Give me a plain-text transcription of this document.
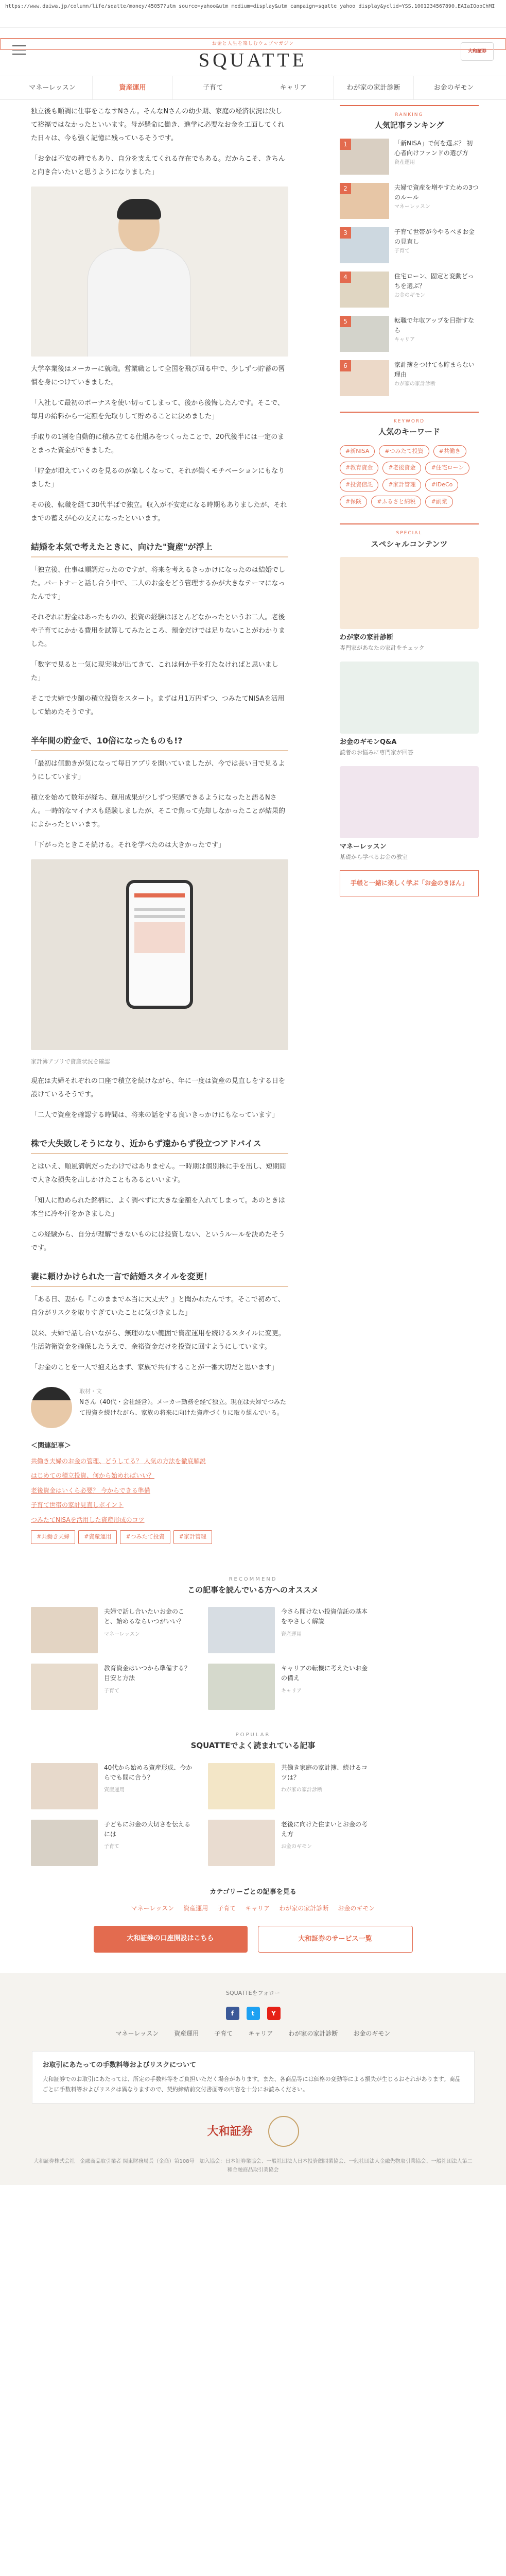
https://www.daiwa.jp/column/life/sqatte/money/45057?utm_source=yahoo&utm_medium=display&utm_campaign=sqatte_yahoo_display&yclid=YSS.1001234567890.EAIaIQobChMI
お金と人生を楽しむウェブマガジン
SQUATTE	大和証券
マネーレッスン	資産運用	子育て	キャリア	わが家の家計診断	お金のギモン

独立後も順調に仕事をこなすNさん。そんなNさんの幼少期、家庭の経済状況は決して裕福ではなかったといいます。母が懸命に働き、進学に必要なお金を工面してくれた日々は、今も強く記憶に残っているそうです。

「お金は不安の種でもあり、自分を支えてくれる存在でもある。だからこそ、きちんと向き合いたいと思うようになりました」

大学卒業後はメーカーに就職。営業職として全国を飛び回る中で、少しずつ貯蓄の習慣を身につけていきました。

「入社して最初のボーナスを使い切ってしまって、後から後悔したんです。そこで、毎月の給料から一定額を先取りして貯めることに決めました」

手取りの1割を自動的に積み立てる仕組みをつくったことで、20代後半には一定のまとまった資金ができました。

「貯金が増えていくのを見るのが楽しくなって、それが働くモチベーションにもなりました」

その後、転職を経て30代半ばで独立。収入が不安定になる時期もありましたが、それまでの蓄えが心の支えになったといいます。

結婚を本気で考えたときに、向けた"資産"が浮上

「独立後、仕事は順調だったのですが、将来を考えるきっかけになったのは結婚でした。パートナーと話し合う中で、二人のお金をどう管理するかが大きなテーマになったんです」

それぞれに貯金はあったものの、投資の経験はほとんどなかったというお二人。老後や子育てにかかる費用を試算してみたところ、預金だけでは足りないことがわかりました。

「数字で見ると一気に現実味が出てきて、これは何か手を打たなければと思いました」

そこで夫婦で少額の積立投資をスタート。まずは月1万円ずつ、つみたてNISAを活用して始めたそうです。

半年間の貯金で、10倍になったものも!?

「最初は値動きが気になって毎日アプリを開いていましたが、今では長い目で見るようにしています」

積立を始めて数年が経ち、運用成果が少しずつ実感できるようになったと語るNさん。一時的なマイナスも経験しましたが、そこで焦って売却しなかったことが結果的によかったといいます。

「下がったときこそ続ける。それを学べたのは大きかったです」

家計簿アプリで資産状況を確認

現在は夫婦それぞれの口座で積立を続けながら、年に一度は資産の見直しをする日を設けているそうです。

「二人で資産を確認する時間は、将来の話をする良いきっかけにもなっています」

株で大失敗しそうになり、近からず遠からず役立つアドバイス

とはいえ、順風満帆だったわけではありません。一時期は個別株に手を出し、短期間で大きな損失を出しかけたこともあるといいます。

「知人に勧められた銘柄に、よく調べずに大きな金額を入れてしまって。あのときは本当に冷や汗をかきました」

この経験から、自分が理解できないものには投資しない、というルールを決めたそうです。

妻に頼けかけられた一言で結婚スタイルを変更！

「ある日、妻から『このままで本当に大丈夫？』と聞かれたんです。そこで初めて、自分がリスクを取りすぎていたことに気づきました」

以来、夫婦で話し合いながら、無理のない範囲で資産運用を続けるスタイルに変更。生活防衛資金を確保したうえで、余裕資金だけを投資に回すようにしています。

「お金のことを一人で抱え込まず、家族で共有することが一番大切だと思います」

取材・文
Nさん（40代・会社経営）。メーカー勤務を経て独立。現在は夫婦でつみたて投資を続けながら、家族の将来に向けた資産づくりに取り組んでいる。
＜関連記事＞
共働き夫婦のお金の管理、どうしてる？ 人気の方法を徹底解説
はじめての積立投資、何から始めればいい？
老後資金はいくら必要？ 今からできる準備
子育て世帯の家計見直しポイント
つみたてNISAを活用した資産形成のコツ
#共働き夫婦	#資産運用	#つみたて投資	#家計管理
RANKING
人気記事ランキング
1	「新NISA」で何を選ぶ？ 初心者向けファンドの選び方
資産運用
2	夫婦で資産を増やすための3つのルール
マネーレッスン
3	子育て世帯が今やるべきお金の見直し
子育て
4	住宅ローン、固定と変動どっちを選ぶ？
お金のギモン
5	転職で年収アップを目指すなら
キャリア
6	家計簿をつけても貯まらない理由
わが家の家計診断
KEYWORD
人気のキーワード
#新NISA	#つみたて投資	#共働き
#教育資金	#老後資金	#住宅ローン
#投資信託	#家計管理	#iDeCo
#保険	#ふるさと納税	#副業
SPECIAL
スペシャルコンテンツ
わが家の家計診断
専門家があなたの家計をチェック
お金のギモンQ&A
読者のお悩みに専門家が回答
マネーレッスン
基礎から学べるお金の教室
手帳と一緒に楽しく学ぶ「お金のきほん」
RECOMMEND
この記事を読んでいる方へのオススメ
夫婦で話し合いたいお金のこと、始めるならいつがいい？
マネーレッスン
今さら聞けない投資信託の基本をやさしく解説
資産運用
教育資金はいつから準備する？ 目安と方法
子育て
キャリアの転機に考えたいお金の備え
キャリア
POPULAR
SQUATTEでよく読まれている記事
40代から始める資産形成、今からでも間に合う？
資産運用
共働き家庭の家計簿、続けるコツは？
わが家の家計診断
子どもにお金の大切さを伝えるには
子育て
老後に向けた住まいとお金の考え方
お金のギモン
カテゴリーごとの記事を見る
マネーレッスン 資産運用 子育て キャリア わが家の家計診断 お金のギモン
大和証券の口座開設はこちら	大和証券のサービス一覧
SQUATTEをフォロー
f	t	Y
マネーレッスン	資産運用	子育て	キャリア	わが家の家計診断	お金のギモン
お取引にあたっての手数料等およびリスクについて
大和証券でのお取引にあたっては、所定の手数料等をご負担いただく場合があります。また、各商品等には価格の変動等による損失が生じるおそれがあります。商品ごとに手数料等およびリスクは異なりますので、契約締結前交付書面等の内容を十分にお読みください。
大和証券
大和証券株式会社　金融商品取引業者 関東財務局長（金商）第108号　加入協会：日本証券業協会、一般社団法人日本投資顧問業協会、一般社団法人金融先物取引業協会、一般社団法人第二種金融商品取引業協会
